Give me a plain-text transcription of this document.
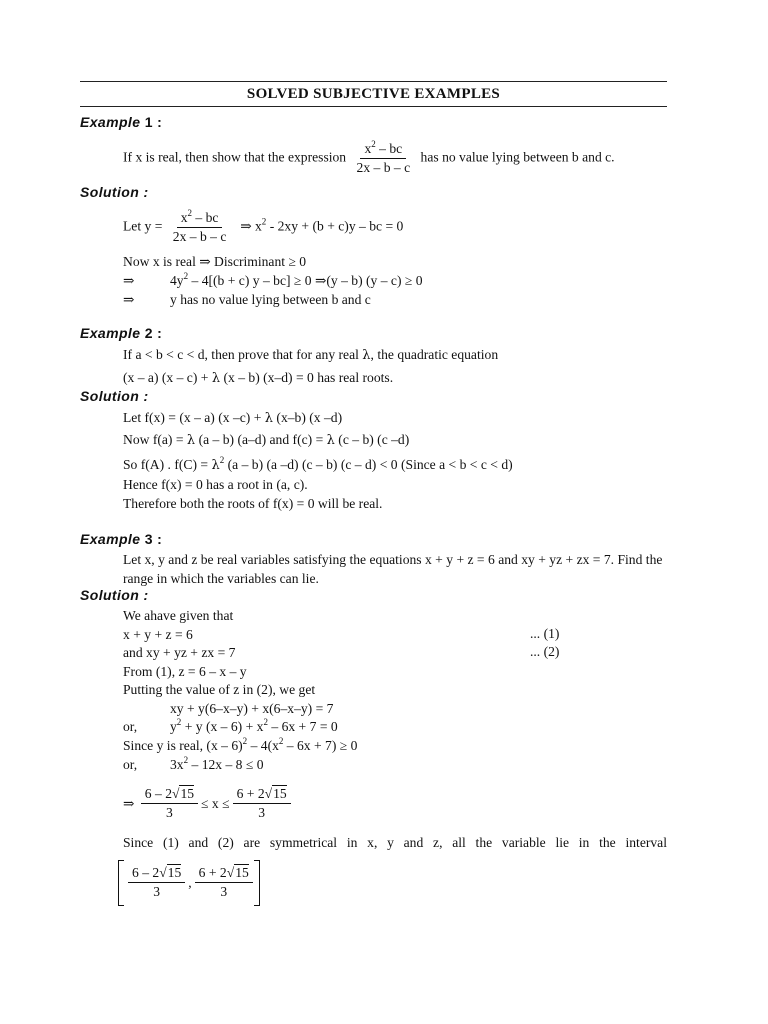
SOLVED SUBJECTIVE EXAMPLES
Example 1 :
If x is real, then show that the expression $\frac{x^2 - bc}{2x - b - c}$ has no value lying between b and c.
Solution :
Let $y = \frac{x^2 - bc}{2x - b - c}$ ⇒ $x^2 - 2xy + (b + c)y$ – bc = 0
Now x is real ⇒ Discriminant ≥ 0
⇒	$4y^2 - 4[(b + c)$ y – bc] ≥ 0 ⇒(y – b) (y – c) ≥ 0
⇒	y has no value lying between b and c
Example 2 :
If a < b < c < d, then prove that for any real λ, the quadratic equation
(x – a) (x – c) + λ (x – b) (x–d) = 0 has real roots.
Solution :
Let f(x) = (x – a) (x –c) + λ (x–b) (x –d)
Now f(a) = λ (a – b) (a–d) and f(c) = λ (c – b) (c –d)
So f(A) . $f(C) = \lambda^2$ (a – b) (a –d) (c – b) (c – d) < 0 (Since a < b < c < d)
Hence f(x) = 0 has a root in (a, c).
Therefore both the roots of f(x) = 0 will be real.
Example 3 :
Let x, y and z be real variables satisfying the equations x + y + z = 6 and xy + yz + zx = 7. Find the
range in which the variables can lie.
Solution :
We ahave given that
x + y + z = 6	... (1)
and xy + yz + zx = 7	... (2)
From (1), z = 6 – x – y
Putting the value of z in (2), we get
xy + y(6–x–y) + x(6–x–y) = 7
or, $y^2 + y$ $(x - 6) + x^2 - 6x + 7 = 0$
Since y is real, $(x - 6)^2 - 4(x^2 - 6x + 7) \ge 0$
or, $3x^2 - 12x - 8 \le 0$
⇒ $\frac{6 - 2√15}{3} \le x \le \frac{6 + 2√15}{3}$
Since (1) and (2) are symmetrical in x, y and z, all the variable lie in the interval
$\frac{6 - 2√15}{3}$ , $\frac{6 + 2√15}{3}$
